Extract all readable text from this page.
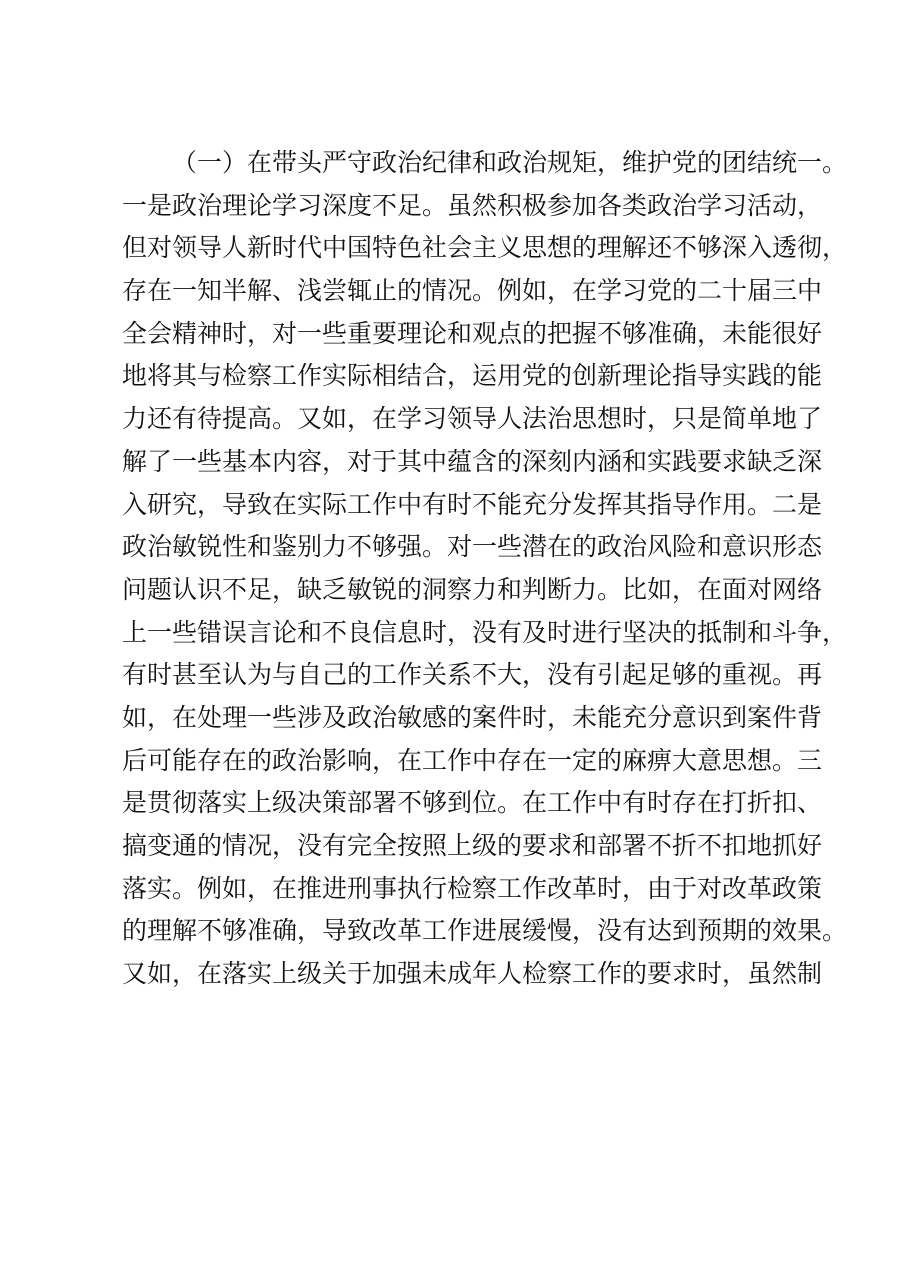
（一）在带头严守政治纪律和政治规矩，维护党的团结统一。
一是政治理论学习深度不足。虽然积极参加各类政治学习活动，
但对领导人新时代中国特色社会主义思想的理解还不够深入透彻，
存在一知半解、浅尝辄止的情况。例如，在学习党的二十届三中
全会精神时，对一些重要理论和观点的把握不够准确，未能很好
地将其与检察工作实际相结合，运用党的创新理论指导实践的能
力还有待提高。又如，在学习领导人法治思想时，只是简单地了
解了一些基本内容，对于其中蕴含的深刻内涵和实践要求缺乏深
入研究，导致在实际工作中有时不能充分发挥其指导作用。二是
政治敏锐性和鉴别力不够强。对一些潜在的政治风险和意识形态
问题认识不足，缺乏敏锐的洞察力和判断力。比如，在面对网络
上一些错误言论和不良信息时，没有及时进行坚决的抵制和斗争，
有时甚至认为与自己的工作关系不大，没有引起足够的重视。再
如，在处理一些涉及政治敏感的案件时，未能充分意识到案件背
后可能存在的政治影响，在工作中存在一定的麻痹大意思想。三
是贯彻落实上级决策部署不够到位。在工作中有时存在打折扣、
搞变通的情况，没有完全按照上级的要求和部署不折不扣地抓好
落实。例如，在推进刑事执行检察工作改革时，由于对改革政策
的理解不够准确，导致改革工作进展缓慢，没有达到预期的效果。
又如，在落实上级关于加强未成年人检察工作的要求时，虽然制
